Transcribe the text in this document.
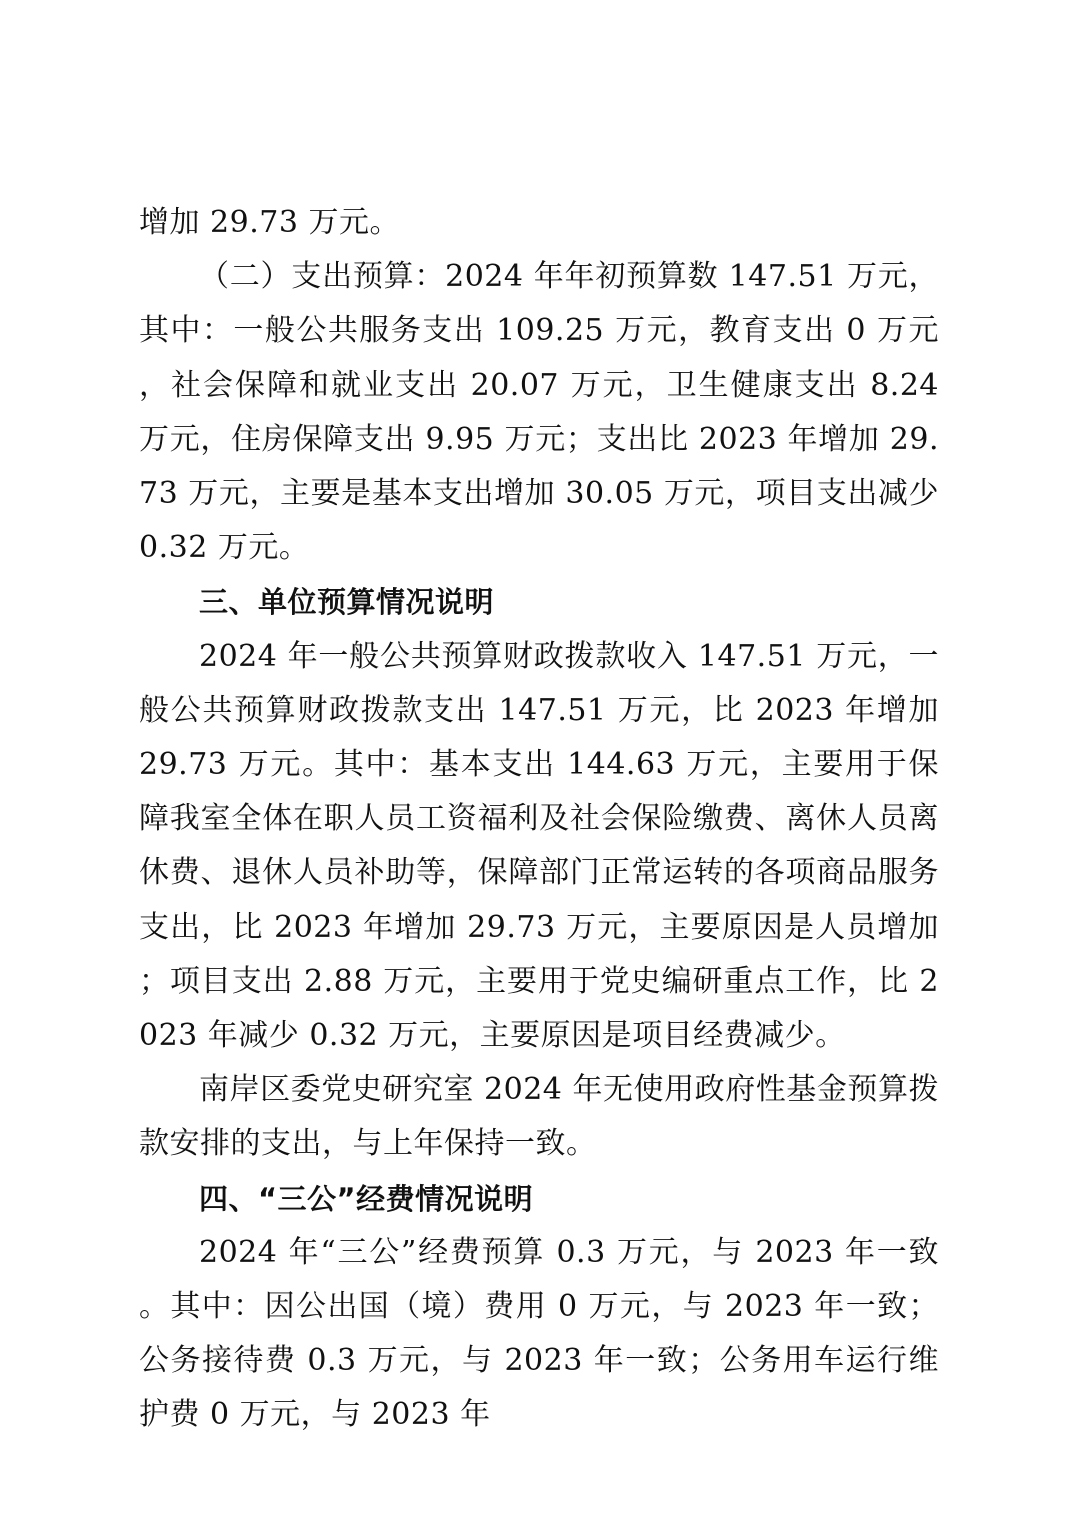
增加 29.73 万元。

（二）支出预算：2024 年年初预算数 147.51 万元，其中：一般公共服务支出 109.25 万元，教育支出 0 万元，社会保障和就业支出 20.07 万元，卫生健康支出 8.24 万元，住房保障支出 9.95 万元；支出比 2023 年增加 29.73 万元，主要是基本支出增加 30.05 万元，项目支出减少 0.32 万元。

三、单位预算情况说明

2024 年一般公共预算财政拨款收入 147.51 万元，一般公共预算财政拨款支出 147.51 万元，比 2023 年增加 29.73 万元。其中：基本支出 144.63 万元，主要用于保障我室全体在职人员工资福利及社会保险缴费、离休人员离休费、退休人员补助等，保障部门正常运转的各项商品服务支出，比 2023 年增加 29.73 万元，主要原因是人员增加；项目支出 2.88 万元，主要用于党史编研重点工作，比 2023 年减少 0.32 万元，主要原因是项目经费减少。

南岸区委党史研究室 2024 年无使用政府性基金预算拨款安排的支出，与上年保持一致。

四、“三公”经费情况说明

2024 年“三公”经费预算 0.3 万元，与 2023 年一致。其中：因公出国（境）费用 0 万元，与 2023 年一致；公务接待费 0.3 万元，与 2023 年一致；公务用车运行维护费 0 万元，与 2023 年
